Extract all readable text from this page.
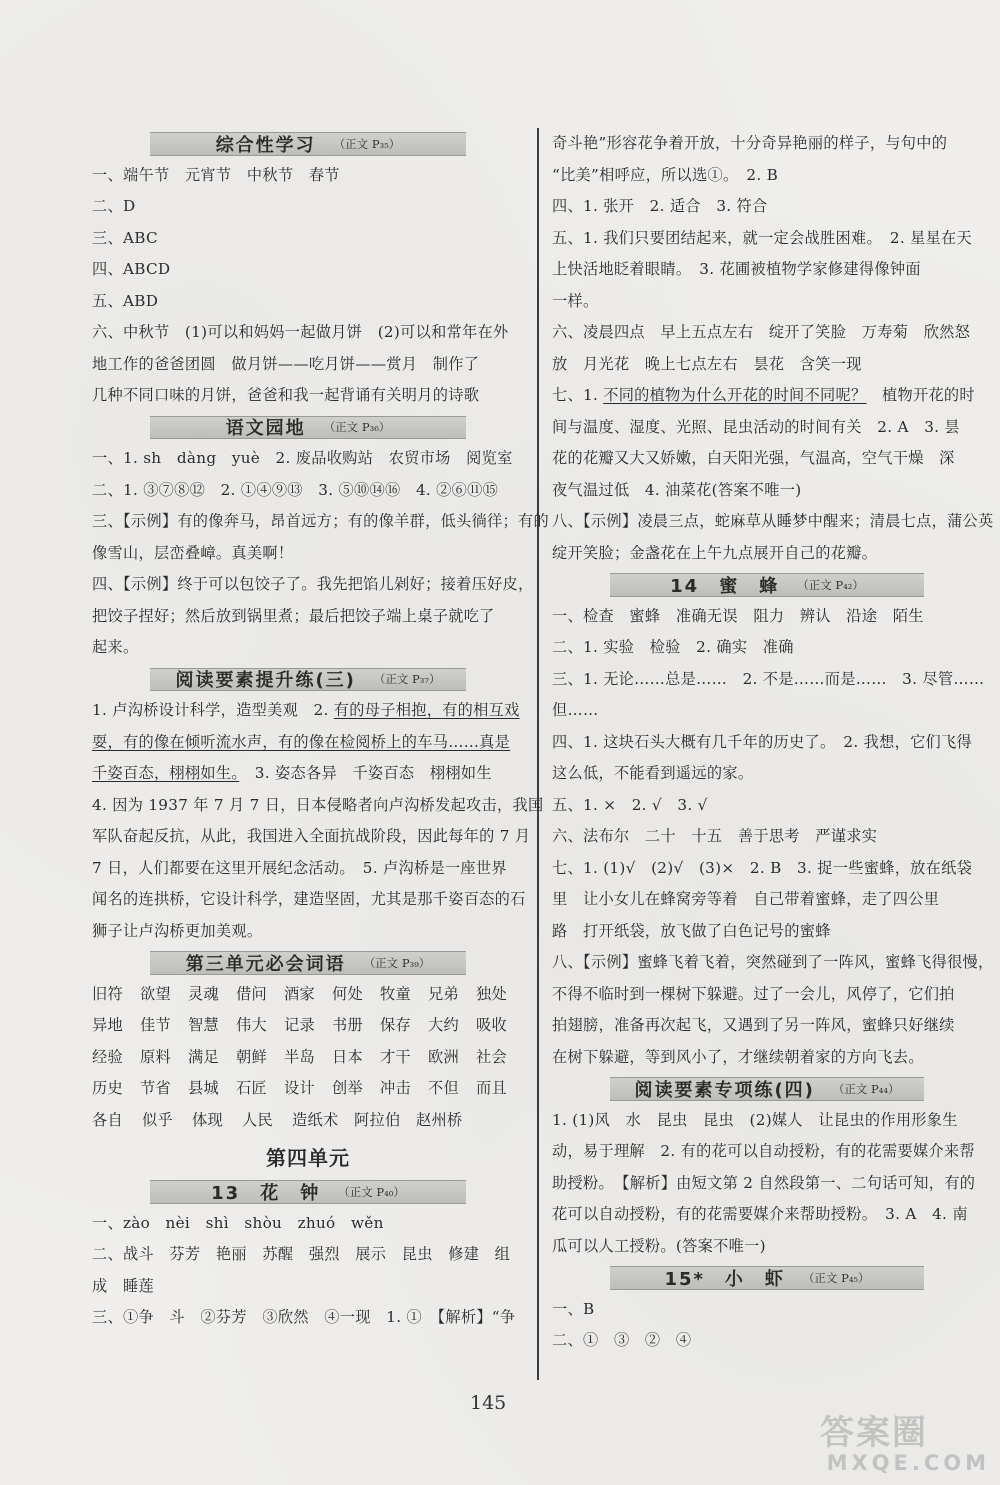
综合性学习 （正文 P₃₅）
一、端午节　元宵节　中秋节　春节
二、D
三、ABC
四、ABCD
五、ABD
六、中秋节　(1)可以和妈妈一起做月饼　(2)可以和常年在外
地工作的爸爸团圆　做月饼——吃月饼——赏月　制作了
几种不同口味的月饼，爸爸和我一起背诵有关明月的诗歌
语文园地 （正文 P₃₆）
一、1. sh　dàng　yuè　2. 废品收购站　农贸市场　阅览室
二、1. ③⑦⑧⑫　2. ①④⑨⑬　3. ⑤⑩⑭⑯　4. ②⑥⑪⑮
三、【示例】有的像奔马，昂首远方；有的像羊群，低头徜徉；有的
像雪山，层峦叠嶂。真美啊！
四、【示例】终于可以包饺子了。我先把馅儿剁好；接着压好皮，
把饺子捏好；然后放到锅里煮；最后把饺子端上桌子就吃了
起来。
阅读要素提升练(三) （正文 P₃₇）
1. 卢沟桥设计科学，造型美观　2. 有的母子相抱，有的相互戏
耍，有的像在倾听流水声，有的像在检阅桥上的车马……真是
千姿百态，栩栩如生。　3. 姿态各异　千姿百态　栩栩如生
4. 因为 1937 年 7 月 7 日，日本侵略者向卢沟桥发起攻击，我国
军队奋起反抗，从此，我国进入全面抗战阶段，因此每年的 7 月
7 日，人们都要在这里开展纪念活动。　5. 卢沟桥是一座世界
闻名的连拱桥，它设计科学，建造坚固，尤其是那千姿百态的石
狮子让卢沟桥更加美观。
第三单元必会词语 （正文 P₃₉）
旧符	欲望	灵魂	借问	酒家	何处	牧童	兄弟	独处
异地	佳节	智慧	伟大	记录	书册	保存	大约	吸收
经验	原料	满足	朝鲜	半岛	日本	才干	欧洲	社会
历史	节省	县城	石匠	设计	创举	冲击	不但	而且
各自	似乎	体现	人民	造纸术	阿拉伯	赵州桥
第四单元
13　花　钟 （正文 P₄₀）
一、zào　nèi　shì　shòu　zhuó　wěn
二、战斗　芬芳　艳丽　苏醒　强烈　展示　昆虫　修建　组
成　睡莲
三、①争　斗　②芬芳　③欣然　④一现　1. ①　【解析】“争
奇斗艳”形容花争着开放，十分奇异艳丽的样子，与句中的
“比美”相呼应，所以选①。　2. B
四、1. 张开　2. 适合　3. 符合
五、1. 我们只要团结起来，就一定会战胜困难。　2. 星星在天
上快活地眨着眼睛。　3. 花圃被植物学家修建得像钟面
一样。
六、凌晨四点　早上五点左右　绽开了笑脸　万寿菊　欣然怒
放　月光花　晚上七点左右　昙花　含笑一现
七、1. 不同的植物为什么开花的时间不同呢？　植物开花的时
间与温度、湿度、光照、昆虫活动的时间有关　2. A　3. 昙
花的花瓣又大又娇嫩，白天阳光强，气温高，空气干燥　深
夜气温过低　4. 油菜花(答案不唯一)
八、【示例】凌晨三点，蛇麻草从睡梦中醒来；清晨七点，蒲公英
绽开笑脸；金盏花在上午九点展开自己的花瓣。
14　蜜　蜂 （正文 P₄₂）
一、检查　蜜蜂　准确无误　阻力　辨认　沿途　陌生
二、1. 实验　检验　2. 确实　准确
三、1. 无论……总是……　2. 不是……而是……　3. 尽管……
但……
四、1. 这块石头大概有几千年的历史了。　2. 我想，它们飞得
这么低，不能看到遥远的家。
五、1. ×　2. √　3. √
六、法布尔　二十　十五　善于思考　严谨求实
七、1. (1)√　(2)√　(3)×　2. B　3. 捉一些蜜蜂，放在纸袋
里　让小女儿在蜂窝旁等着　自己带着蜜蜂，走了四公里
路　打开纸袋，放飞做了白色记号的蜜蜂
八、【示例】蜜蜂飞着飞着，突然碰到了一阵风，蜜蜂飞得很慢，
不得不临时到一棵树下躲避。过了一会儿，风停了，它们拍
拍翅膀，准备再次起飞，又遇到了另一阵风，蜜蜂只好继续
在树下躲避，等到风小了，才继续朝着家的方向飞去。
阅读要素专项练(四) （正文 P₄₄）
1. (1)风　水　昆虫　昆虫　(2)媒人　让昆虫的作用形象生
动，易于理解　2. 有的花可以自动授粉，有的花需要媒介来帮
助授粉。　【解析】由短文第 2 自然段第一、二句话可知，有的
花可以自动授粉，有的花需要媒介来帮助授粉。　3. A　4. 南
瓜可以人工授粉。(答案不唯一)
15*　小　虾 （正文 P₄₅）
一、B
二、①　③　②　④
145
答案圈
MXQE.COM
